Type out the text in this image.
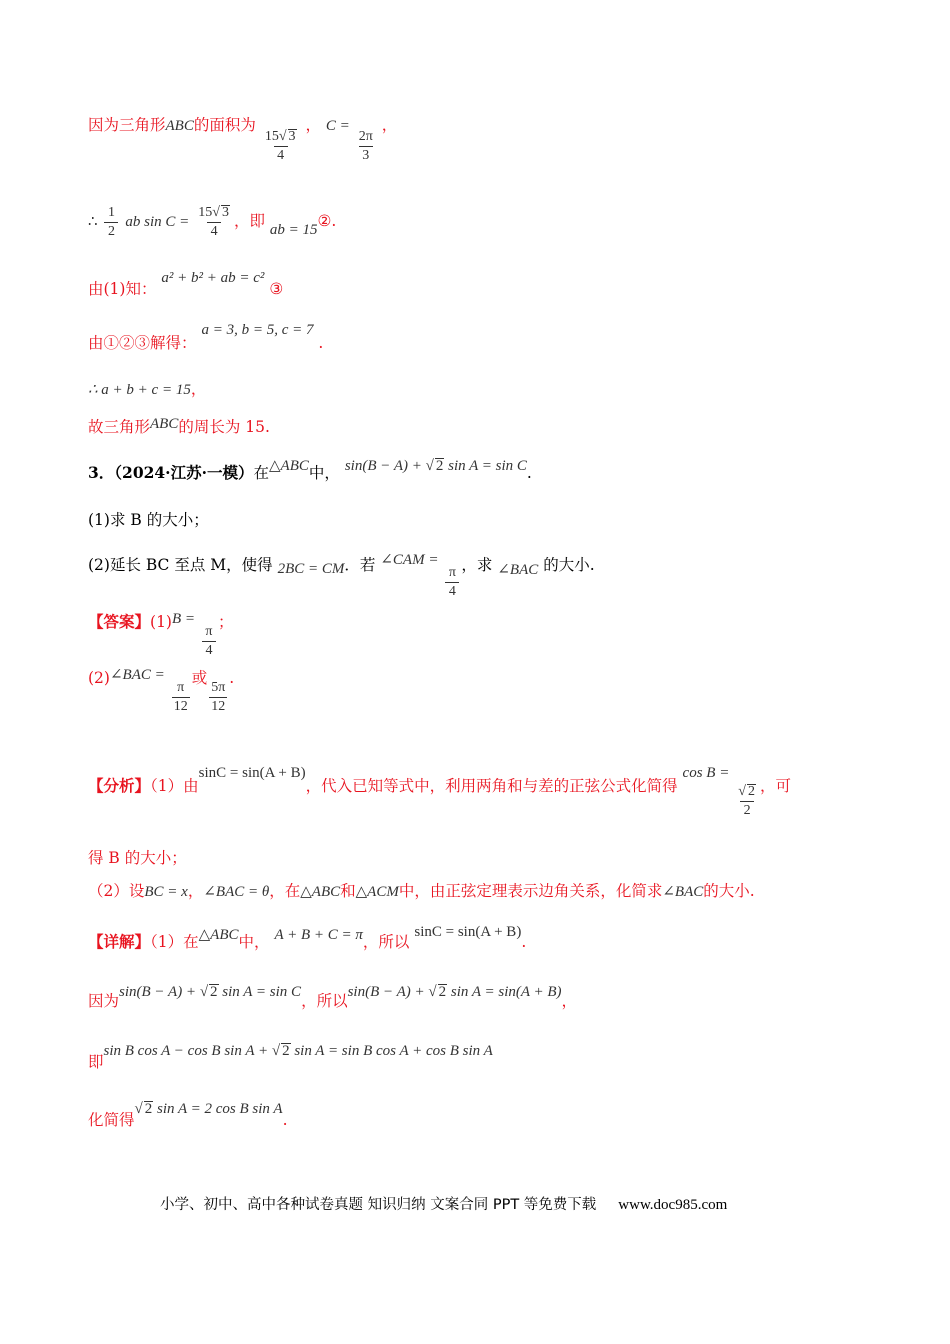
因为三角形ABC的面积为
$\frac{15√ 3}{4}$
， C =
$\frac{2\pi}{3}$
，
∴ $\frac{1}{2}$ ab $\sin C = \frac{15√ 3}{4}$ ，即 ab = 15②.
由(1)知： a² + b² + ab = c² ③
由①②③解得： a = 3, b = 5, c = 7 .
∴ a + b + c = 15，
故三角形ABC的周长为 15.
3．（2024·江苏·一模）在△ABC中， sin(B − A) + √ 2 sin A = sin C.
(1)求 B 的大小；
(2)延长 BC 至点 M，使得 2BC = CM．若 ∠CAM =
$\frac{\pi}{4}$
，求 ∠BAC 的大小.
【答案】(1)B =
$\frac{\pi}{4}$
；
(2)∠BAC =
$\frac{\pi}{12}$
或
$\frac{5\pi}{12}$
.
【分析】（1）由sinC = sin(A + B)，代入已知等式中，利用两角和与差的正弦公式化简得 cos B =
$\frac{√ 2}{2}$ ，可
得 B 的大小；
（2）设BC = x，∠BAC = θ，在△ABC和△ACM中，由正弦定理表示边角关系，化简求∠BAC的大小.
【详解】（1）在△ABC中， A + B + C = π，所以 sinC = sin(A + B).
因为sin(B − A) + √ 2 sin A = sin C，所以sin(B − A) + √ 2 sin A = sin(A + B)，
即sin B cos A − cos B sin A + √ 2 sin A = sin B cos A + cos B sin A
化简得√ 2 sin A = 2 cos B sin A.
小学、初中、高中各种试卷真题 知识归纳 文案合同 PPT 等免费下载 www.doc985.com
